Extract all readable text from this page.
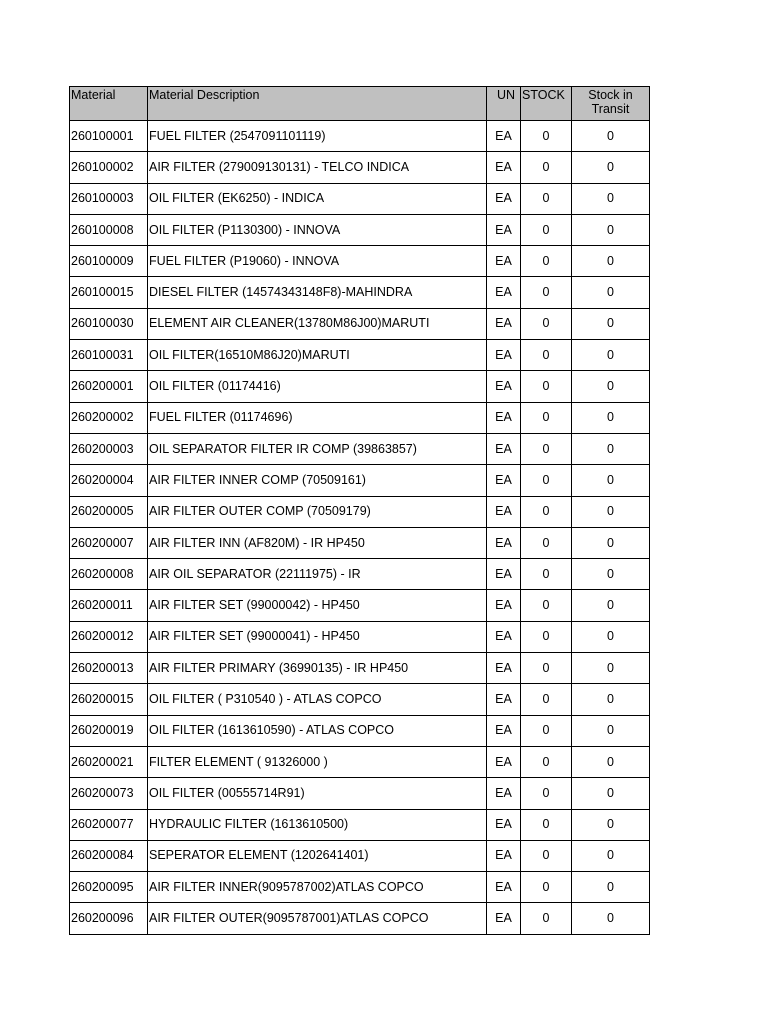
Material	Material Description	UN	STOCK	Stock in Transit
260100001	FUEL FILTER (2547091101119)	EA	0	0
260100002	AIR FILTER (279009130131) - TELCO INDICA	EA	0	0
260100003	OIL FILTER (EK6250) - INDICA	EA	0	0
260100008	OIL FILTER (P1130300) - INNOVA	EA	0	0
260100009	FUEL FILTER (P19060) - INNOVA	EA	0	0
260100015	DIESEL FILTER (14574343148F8)-MAHINDRA	EA	0	0
260100030	ELEMENT AIR CLEANER(13780M86J00)MARUTI	EA	0	0
260100031	OIL FILTER(16510M86J20)MARUTI	EA	0	0
260200001	OIL FILTER (01174416)	EA	0	0
260200002	FUEL FILTER (01174696)	EA	0	0
260200003	OIL SEPARATOR FILTER IR COMP (39863857)	EA	0	0
260200004	AIR FILTER INNER COMP (70509161)	EA	0	0
260200005	AIR FILTER OUTER COMP (70509179)	EA	0	0
260200007	AIR FILTER INN (AF820M) - IR HP450	EA	0	0
260200008	AIR OIL SEPARATOR (22111975) - IR	EA	0	0
260200011	AIR FILTER SET (99000042) - HP450	EA	0	0
260200012	AIR FILTER SET (99000041) - HP450	EA	0	0
260200013	AIR FILTER PRIMARY (36990135) - IR HP450	EA	0	0
260200015	OIL FILTER ( P310540 ) - ATLAS COPCO	EA	0	0
260200019	OIL FILTER (1613610590) - ATLAS COPCO	EA	0	0
260200021	FILTER ELEMENT ( 91326000 )	EA	0	0
260200073	OIL FILTER (00555714R91)	EA	0	0
260200077	HYDRAULIC FILTER (1613610500)	EA	0	0
260200084	SEPERATOR ELEMENT (1202641401)	EA	0	0
260200095	AIR FILTER INNER(9095787002)ATLAS COPCO	EA	0	0
260200096	AIR FILTER OUTER(9095787001)ATLAS COPCO	EA	0	0
